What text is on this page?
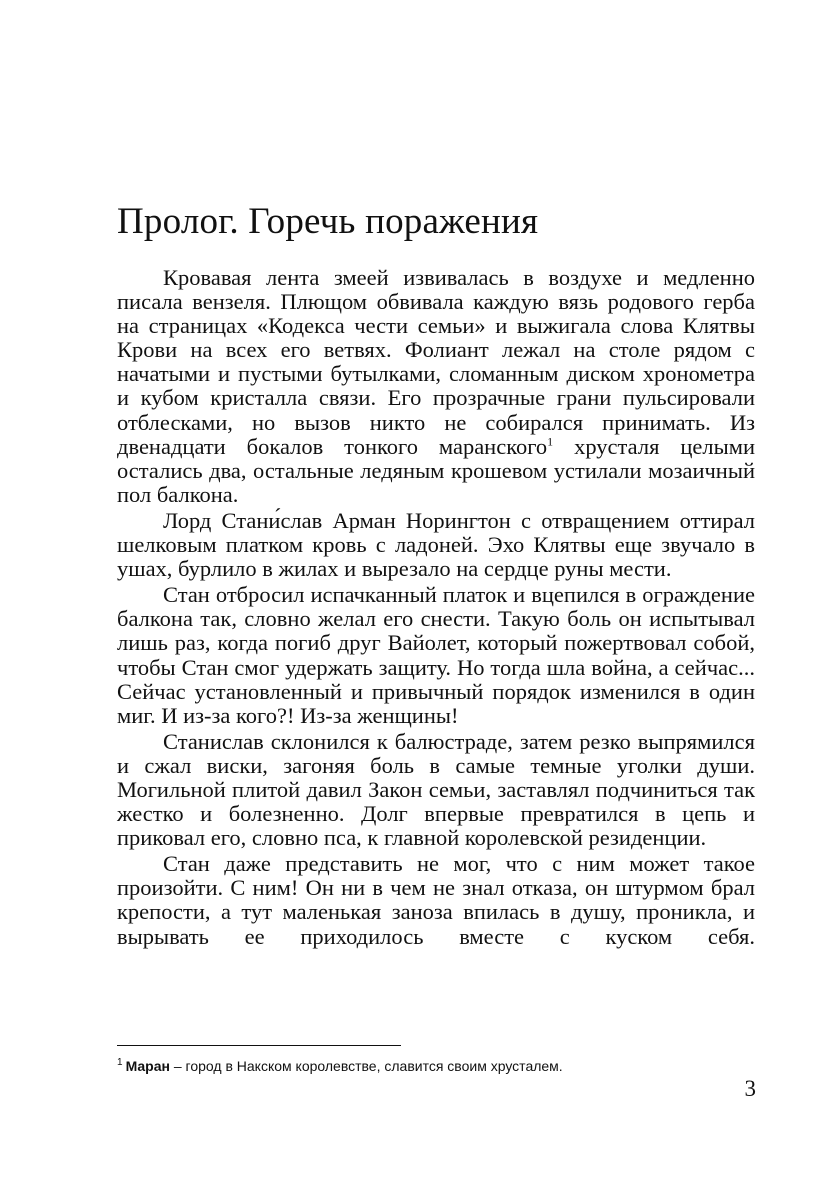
Пролог. Горечь поражения

Кровавая лента змеей извивалась в воздухе и медленно писала вензеля. Плющом обвивала каждую вязь родового герба на страницах «Кодекса чести семьи» и выжигала слова Клятвы Крови на всех его ветвях. Фолиант лежал на столе рядом с начатыми и пустыми бутылками, сломанным диском хронометра и кубом кристалла связи. Его прозрачные грани пульсировали отблесками, но вызов никто не собирался принимать. Из двенадцати бокалов тонкого маранского$^1$ хрусталя целыми остались два, остальные ледяным крошевом устилали мозаичный пол балкона.

Лорд Стани́слав Арман Норингтон с отвращением оттирал шелковым платком кровь с ладоней. Эхо Клятвы еще звучало в ушах, бурлило в жилах и вырезало на сердце руны мести.

Стан отбросил испачканный платок и вцепился в ограждение балкона так, словно желал его снести. Такую боль он испытывал лишь раз, когда погиб друг Вайолет, который пожертвовал собой, чтобы Стан смог удержать защиту. Но тогда шла война, а сейчас... Сейчас установленный и привычный порядок изменился в один миг. И из-за кого?! Из-за женщины!

Станислав склонился к балюстраде, затем резко выпрямился и сжал виски, загоняя боль в самые темные уголки души. Могильной плитой давил Закон семьи, заставлял подчиниться так жестко и болезненно. Долг впервые превратился в цепь и приковал его, словно пса, к главной королевской резиденции.

Стан даже представить не мог, что с ним может такое произойти. С ним! Он ни в чем не знал отказа, он штурмом брал крепости, а тут маленькая заноза впилась в душу, проникла, и вырывать ее приходилось вместе с куском себя.

$^1$ Маран – город в Накском королевстве, славится своим хрусталем.
3
